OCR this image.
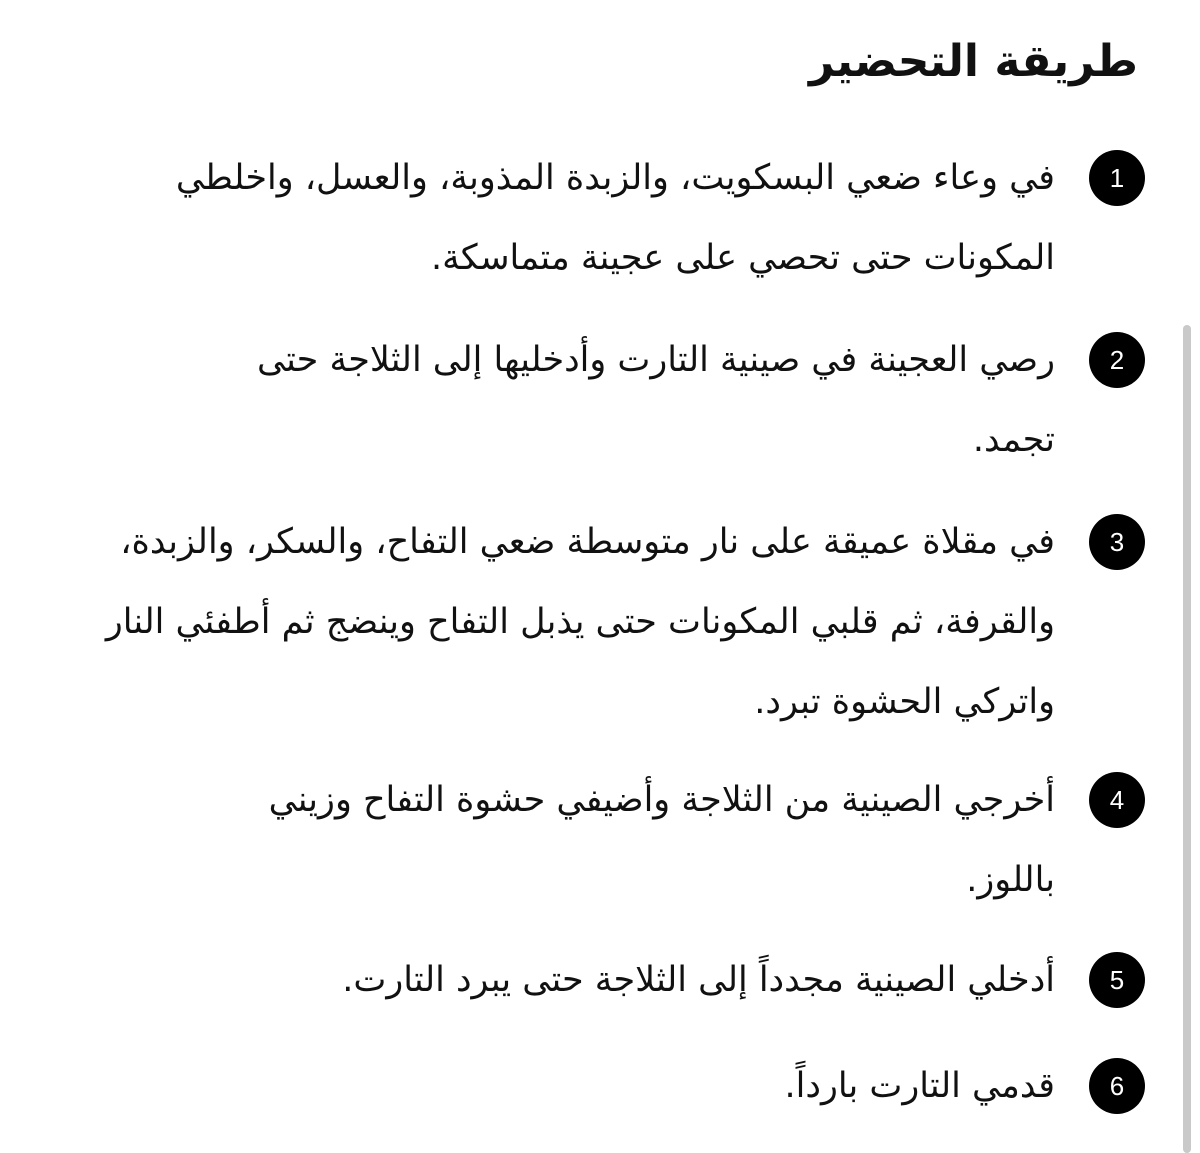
طريقة التحضير
1
في وعاء ضعي البسكويت، والزبدة المذوبة، والعسل، واخلطي المكونات حتى تحصي على عجينة متماسكة.
2
رصي العجينة في صينية التارت وأدخليها إلى الثلاجة حتى تجمد.
3
في مقلاة عميقة على نار متوسطة ضعي التفاح، والسكر، والزبدة، والقرفة، ثم قلبي المكونات حتى يذبل التفاح وينضج ثم أطفئي النار واتركي الحشوة تبرد.
4
أخرجي الصينية من الثلاجة وأضيفي حشوة التفاح وزيني باللوز.
5
أدخلي الصينية مجدداً إلى الثلاجة حتى يبرد التارت.
6
قدمي التارت بارداً.
